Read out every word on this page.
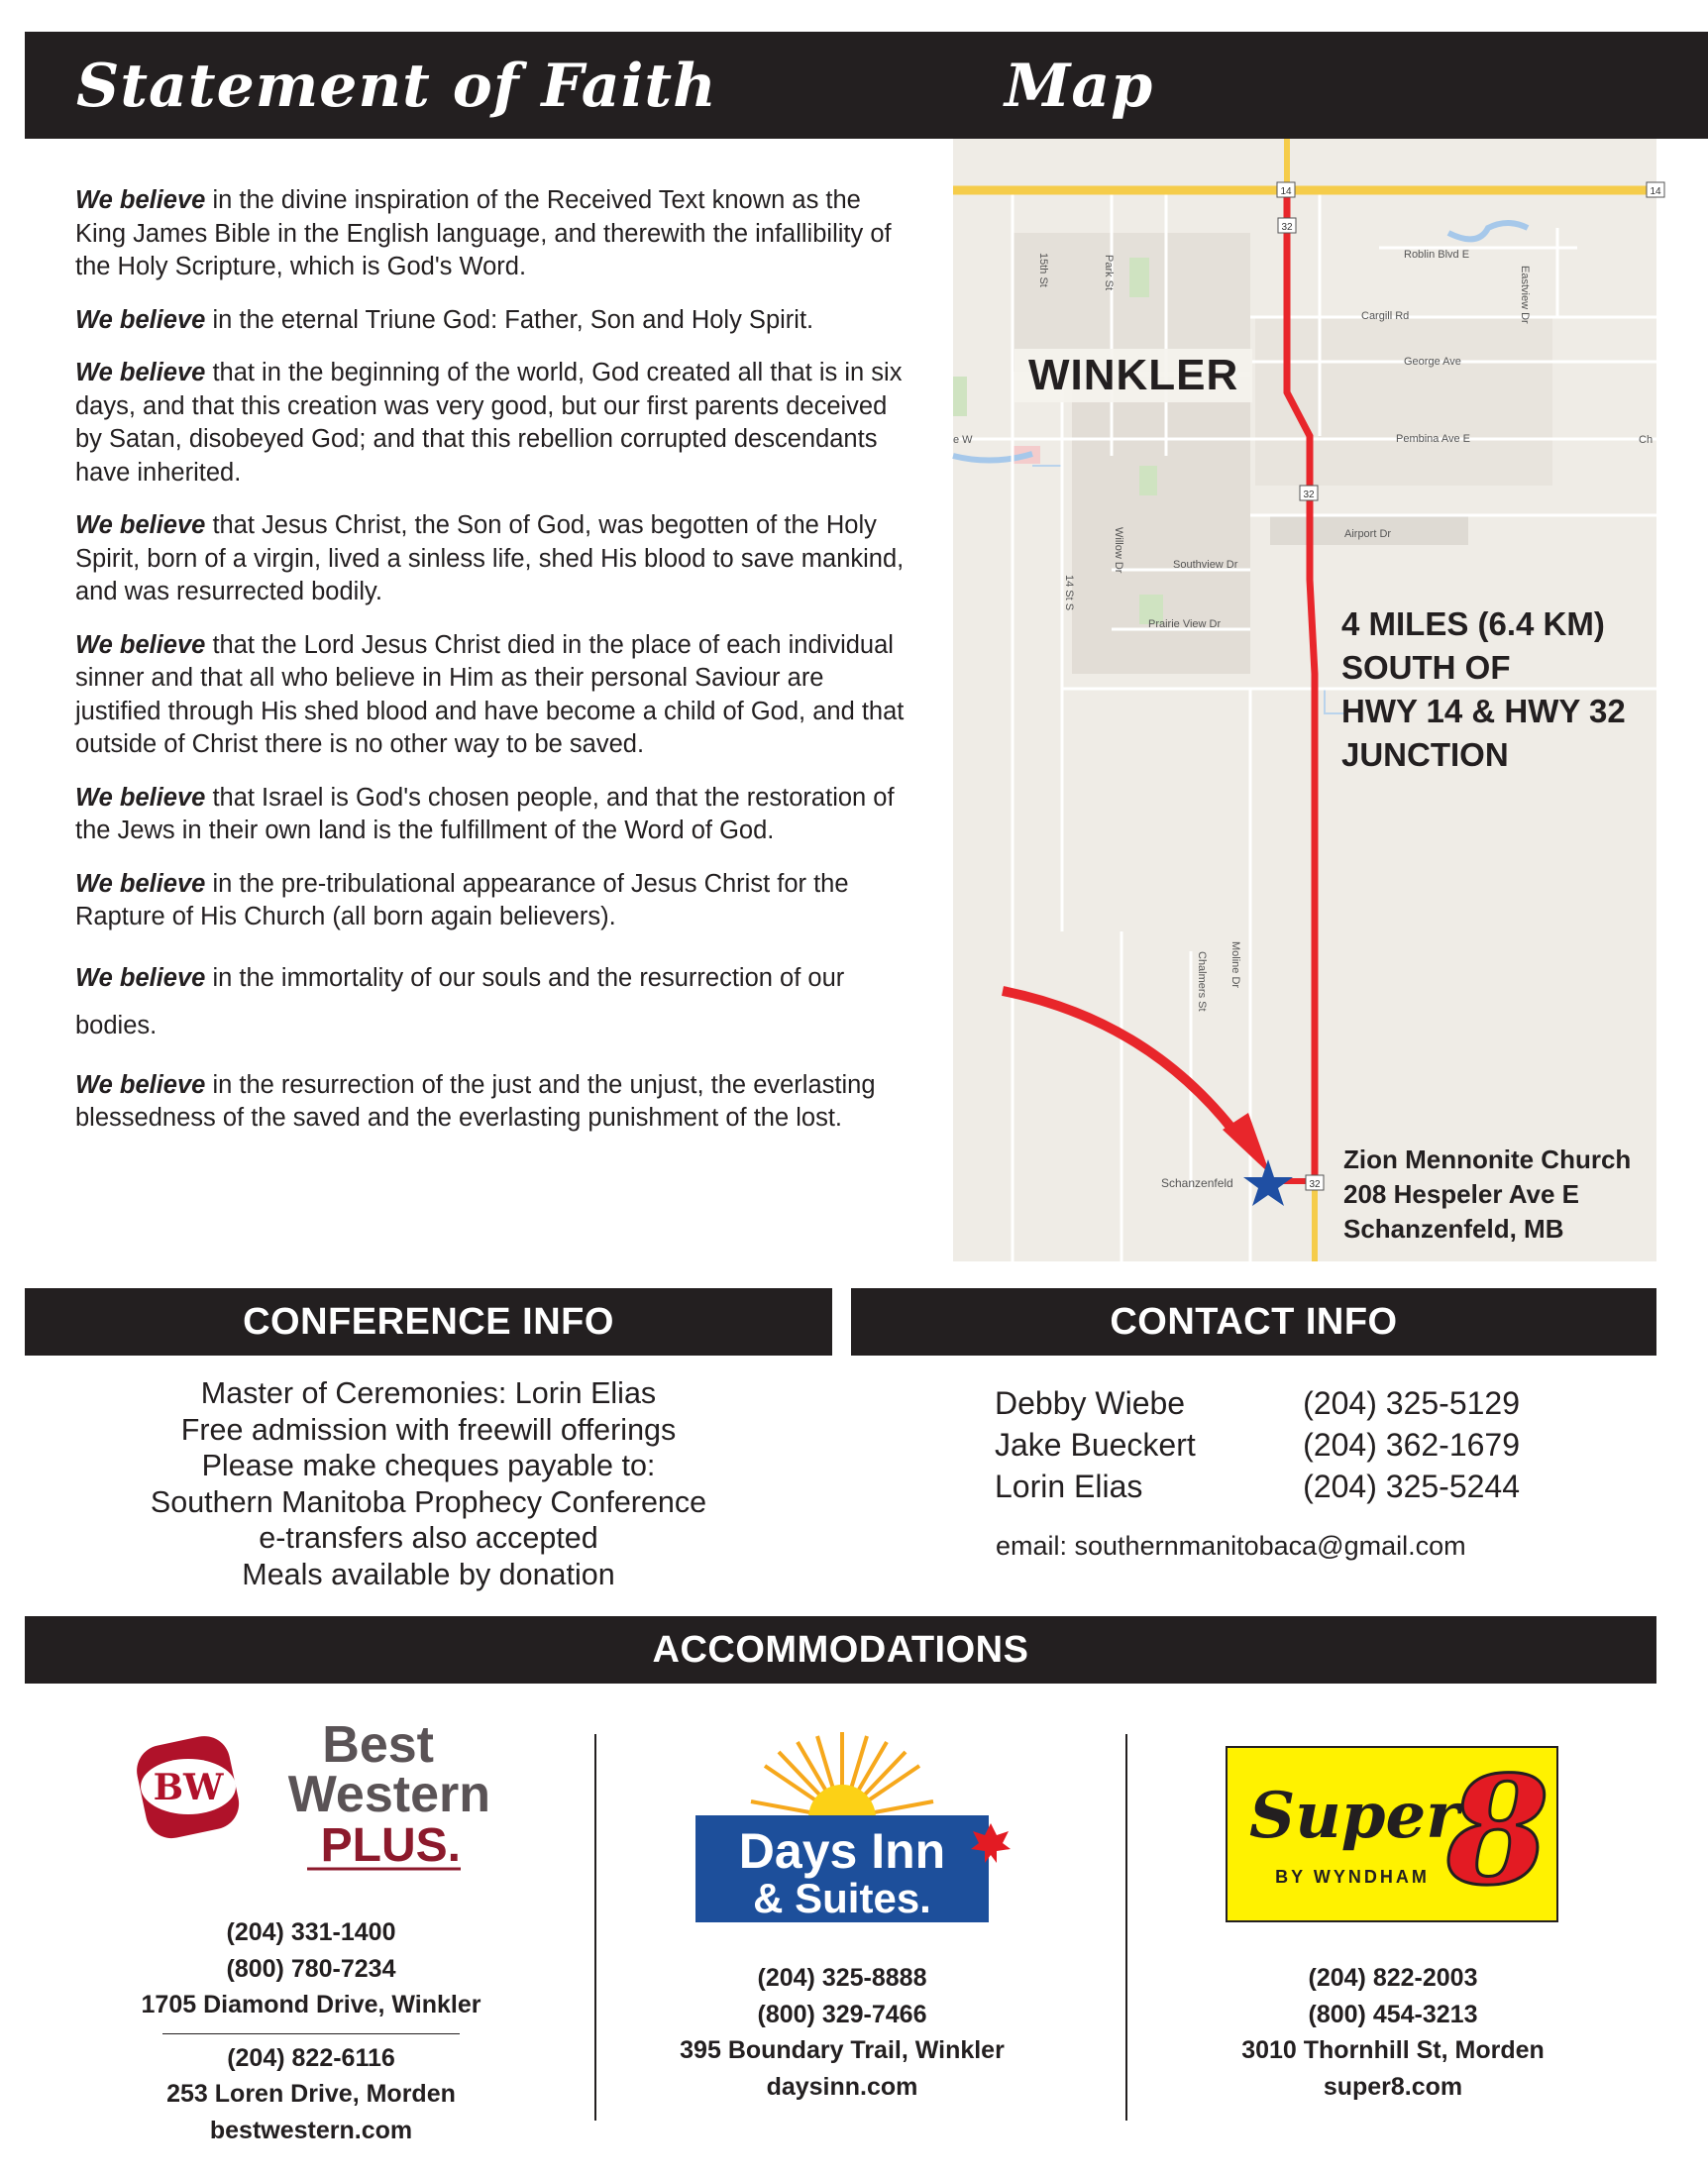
Statement of Faith

We believe in the divine inspiration of the Received Text known as the King James Bible in the English language, and therewith the infallibility of the Holy Scripture, which is God's Word.

We believe in the eternal Triune God: Father, Son and Holy Spirit.

We believe that in the beginning of the world, God created all that is in six days, and that this creation was very good, but our first parents deceived by Satan, disobeyed God; and that this rebellion corrupted descendants have inherited.

We believe that Jesus Christ, the Son of God, was begotten of the Holy Spirit, born of a virgin, lived a sinless life, shed His blood to save mankind, and was resurrected bodily.

We believe that the Lord Jesus Christ died in the place of each individual sinner and that all who believe in Him as their personal Saviour are justified through His shed blood and have become a child of God, and that outside of Christ there is no other way to be saved.

We believe that Israel is God's chosen people, and that the restoration of the Jews in their own land is the fulfillment of the Word of God.

We believe in the pre-tribulational appearance of Jesus Christ for the Rapture of His Church (all born again believers).

We believe in the immortality of our souls and the resurrection of our bodies.

We believe in the resurrection of the just and the unjust, the everlasting blessedness of the saved and the everlasting punishment of the lost.

Map
14	14
32
32
32
Roblin Blvd E
Cargill Rd
George Ave
Pembina Ave E
Airport Dr
Southview Dr
Prairie View Dr
Schanzenfeld
e W	Ch
15th St
14 St S
Park St
Willow Dr
Eastview Dr
Chalmers St Moline Dr
WINKLER
4 MILES (6.4 KM)
SOUTH OF
HWY 14 & HWY 32
JUNCTION
Zion Mennonite Church
208 Hespeler Ave E
Schanzenfeld, MB
CONFERENCE INFO
Master of Ceremonies: Lorin Elias
Free admission with freewill offerings
Please make cheques payable to:
Southern Manitoba Prophecy Conference
e-transfers also accepted
Meals available by donation
CONTACT INFO
Debby Wiebe	(204) 325-5129
Jake Bueckert	(204) 362-1679
Lorin Elias	(204) 325-5244
email: southernmanitobaca@gmail.com
ACCOMMODATIONS
BW
Best
Western
PLUS.
(204) 331-1400
(800) 780-7234
1705 Diamond Drive, Winkler
(204) 822-6116
253 Loren Drive, Morden
bestwestern.com
Days Inn
& Suites.
(204) 325-8888
(800) 329-7466
395 Boundary Trail, Winkler
daysinn.com
Super
8
BY WYNDHAM
(204) 822-2003
(800) 454-3213
3010 Thornhill St, Morden
super8.com
